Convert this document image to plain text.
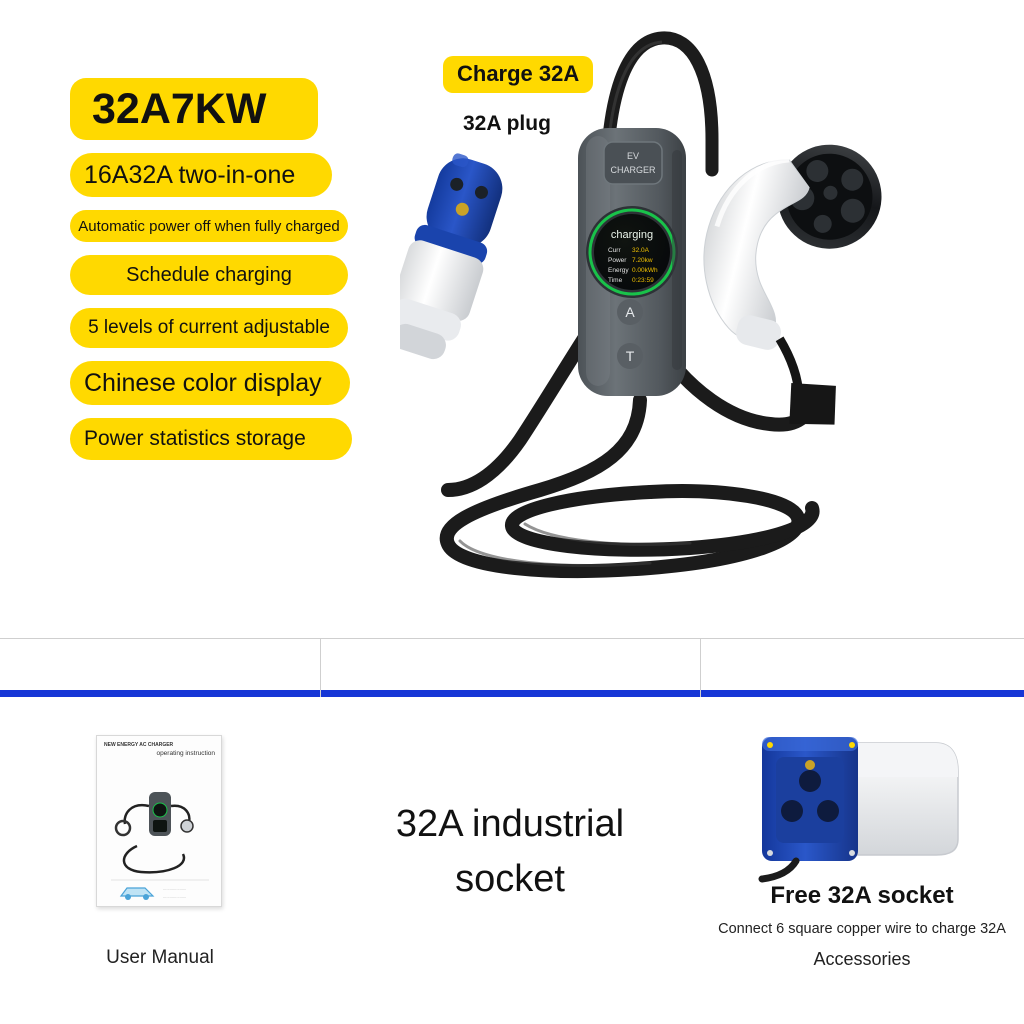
32A7KW
16A32A two-in-one
Automatic power off when fully charged
Schedule charging
5 levels of current adjustable
Chinese color display
Power statistics storage
Charge 32A
32A plug
EV
CHARGER
charging
Curr 32.0A
Power 7.20kw
Energy 0.00kWh
Time 0:23:59
A
T
NEW ENERGY AC CHARGER
operating instruction
.....................
.....................
User Manual
32A industrial
socket	Free 32A socket
Connect 6 square copper wire to charge 32A
Accessories
